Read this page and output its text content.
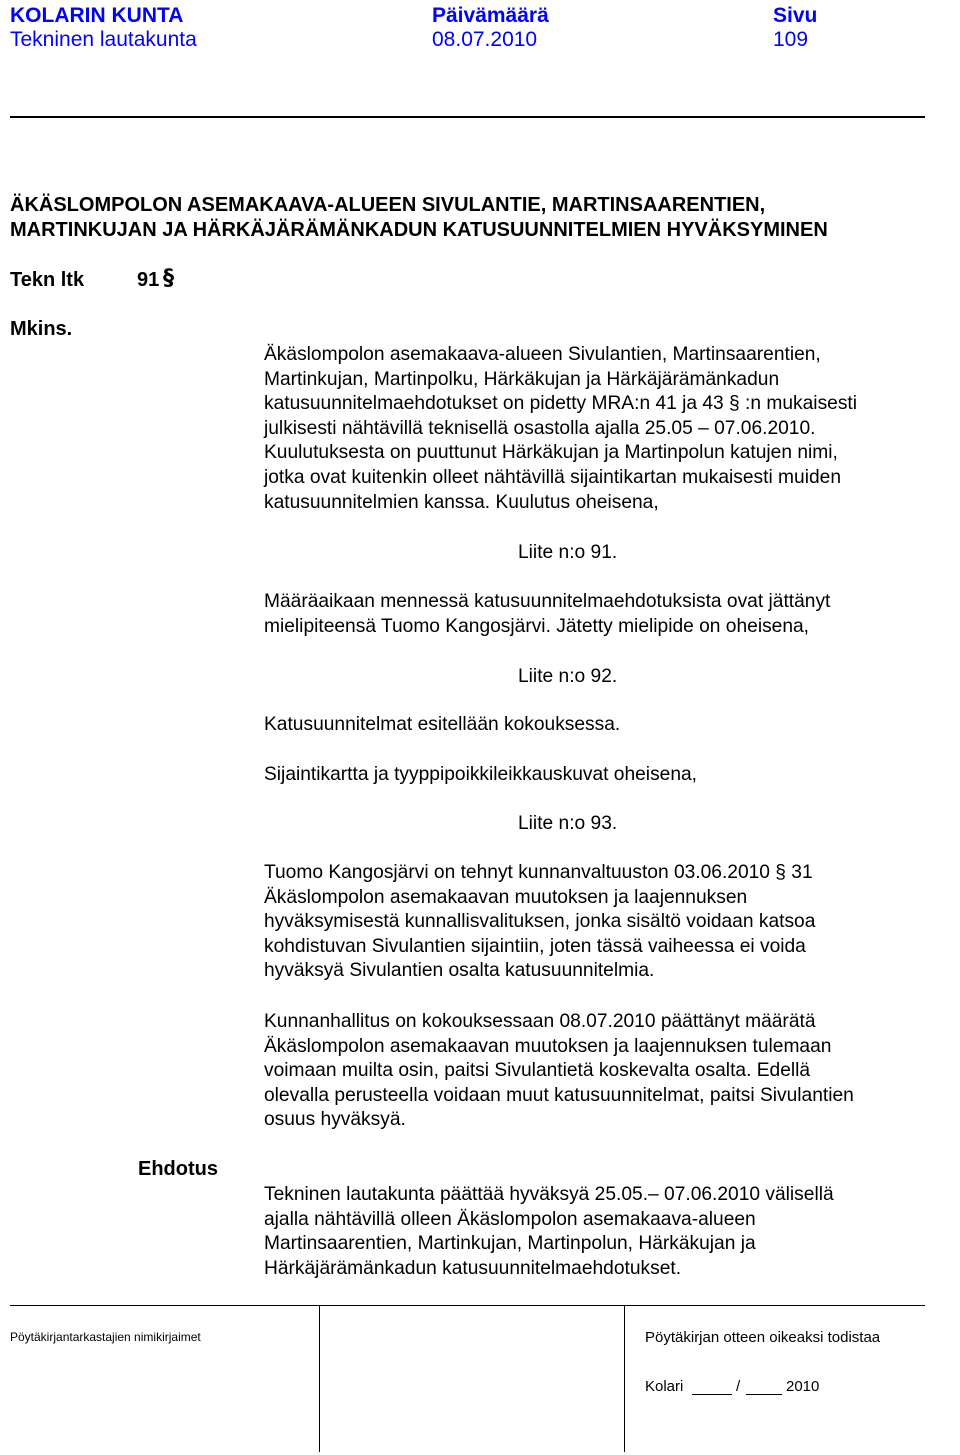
KOLARIN KUNTA
Tekninen lautakunta
Päivämäärä
08.07.2010
Sivu
109
ÄKÄSLOMPOLON ASEMAKAAVA-ALUEEN SIVULANTIE, MARTINSAARENTIEN,
MARTINKUJAN JA HÄRKÄJÄRÄMÄNKADUN KATUSUUNNITELMIEN HYVÄKSYMINEN
Tekn ltk	91 §
Mkins.
Ehdotus

Äkäslompolon asemakaava-alueen Sivulantien, Martinsaarentien,

Martinkujan, Martinpolku, Härkäkujan ja Härkäjärämänkadun

katusuunnitelmaehdotukset on pidetty MRA:n 41 ja 43 § :n mukaisesti

julkisesti nähtävillä teknisellä osastolla ajalla 25.05 – 07.06.2010.

Kuulutuksesta on puuttunut Härkäkujan ja Martinpolun katujen nimi,

jotka ovat kuitenkin olleet nähtävillä sijaintikartan mukaisesti muiden

katusuunnitelmien kanssa. Kuulutus oheisena,

Liite n:o 91.

Määräaikaan mennessä katusuunnitelmaehdotuksista ovat jättänyt

mielipiteensä Tuomo Kangosjärvi. Jätetty mielipide on oheisena,

Liite n:o 92.
Katusuunnitelmat esitellään kokouksessa.
Sijaintikartta ja tyyppipoikkileikkauskuvat oheisena,
Liite n:o 93.

Tuomo Kangosjärvi on tehnyt kunnanvaltuuston 03.06.2010 § 31

Äkäslompolon asemakaavan muutoksen ja laajennuksen

hyväksymisestä kunnallisvalituksen, jonka sisältö voidaan katsoa

kohdistuvan Sivulantien sijaintiin, joten tässä vaiheessa ei voida

hyväksyä Sivulantien osalta katusuunnitelmia.

Kunnanhallitus on kokouksessaan 08.07.2010 päättänyt määrätä

Äkäslompolon asemakaavan muutoksen ja laajennuksen tulemaan

voimaan muilta osin, paitsi Sivulantietä koskevalta osalta. Edellä

olevalla perusteella voidaan muut katusuunnitelmat, paitsi Sivulantien

osuus hyväksyä.

Tekninen lautakunta päättää hyväksyä 25.05.– 07.06.2010 välisellä

ajalla nähtävillä olleen Äkäslompolon asemakaava-alueen

Martinsaarentien, Martinkujan, Martinpolun, Härkäkujan ja

Härkäjärämänkadun katusuunnitelmaehdotukset.

Pöytäkirjantarkastajien nimikirjaimet	Pöytäkirjan otteen oikeaksi todistaa
Kolari	/	2010
